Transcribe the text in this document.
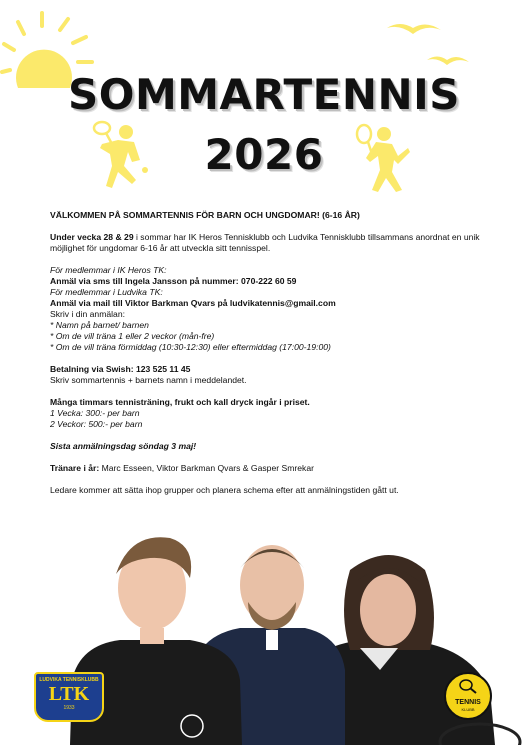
SOMMARTENNIS
2026

VÄLKOMMEN PÅ SOMMARTENNIS FÖR BARN OCH UNGDOMAR! (6-16 ÅR)

Under vecka 28 & 29 i sommar har IK Heros Tennisklubb och Ludvika Tennisklubb tillsammans anordnat en unik möjlighet för ungdomar 6-16 år att utveckla sitt tennisspel.

För medlemmar i IK Heros TK:

Anmäl via sms till Ingela Jansson på nummer: 070-222 60 59

För medlemmar i Ludvika TK:

Anmäl via mail till Viktor Barkman Qvars på ludvikatennis@gmail.com

Skriv i din anmälan:

* Namn på barnet/ barnen

* Om de vill träna 1 eller 2 veckor (mån-fre)

* Om de vill träna förmiddag (10:30-12:30) eller eftermiddag (17:00-19:00)

Betalning via Swish: 123 525 11 45

Skriv sommartennis + barnets namn i meddelandet.

Många timmars tennisträning, frukt och kall dryck ingår i priset.

1 Vecka: 300:- per barn

2 Veckor: 500:- per barn

Sista anmälningsdag söndag 3 maj!

Tränare i år: Marc Esseen, Viktor Barkman Qvars & Gasper Smrekar

Ledare kommer att sätta ihop grupper och planera schema efter att anmälningstiden gått ut.

LUDVIKA TENNISKLUBB
LTK
1933
TENNIS
KLUBB
